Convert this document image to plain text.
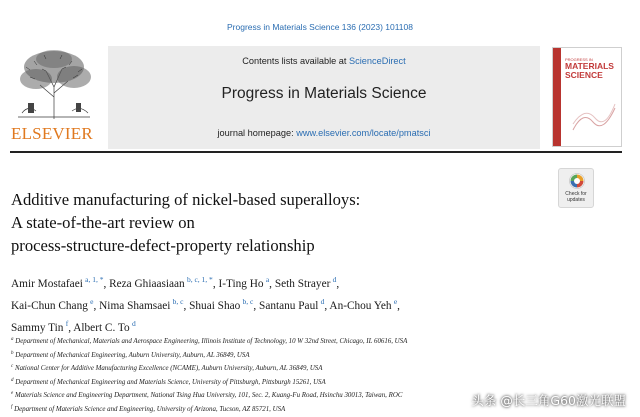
Progress in Materials Science 136 (2023) 101108
ELSEVIER
Contents lists available at ScienceDirect
Progress in Materials Science
journal homepage: www.elsevier.com/locate/pmatsci
PROGRESS IN
MATERIALS
SCIENCE
Check for
updates
Additive manufacturing of nickel-based superalloys:
A state-of-the-art review on
process-structure-defect-property relationship
Amir Mostafaei  $^{a, 1, *}$, Reza Ghiaasiaan  $^{b, c, 1, *}$, I-Ting Ho  $^a$, Seth Strayer  $^d$,
Kai-Chun Chang  $^e$, Nima Shamsaei  $^{b, c}$, Shuai Shao  $^{b, c}$, Santanu Paul  $^d$, An-Chou Yeh  $^e$,
Sammy Tin  $^f$, Albert C. To  $^d$
$^a$ Department of Mechanical, Materials and Aerospace Engineering, Illinois Institute of Technology, 10 W 32nd Street, Chicago, IL 60616, USA
$^b$ Department of Mechanical Engineering, Auburn University, Auburn, AL 36849, USA
$^c$ National Center for Additive Manufacturing Excellence (NCAME), Auburn University, Auburn, AL 36849, USA
$^d$ Department of Mechanical Engineering and Materials Science, University of Pittsburgh, Pittsburgh 15261, USA
$^e$ Materials Science and Engineering Department, National Tsing Hua University, 101, Sec. 2, Kuang-Fu Road, Hsinchu 30013, Taiwan, ROC
$^f$ Department of Materials Science and Engineering, University of Arizona, Tucson, AZ 85721, USA
头条 @长三角G60激光联盟
